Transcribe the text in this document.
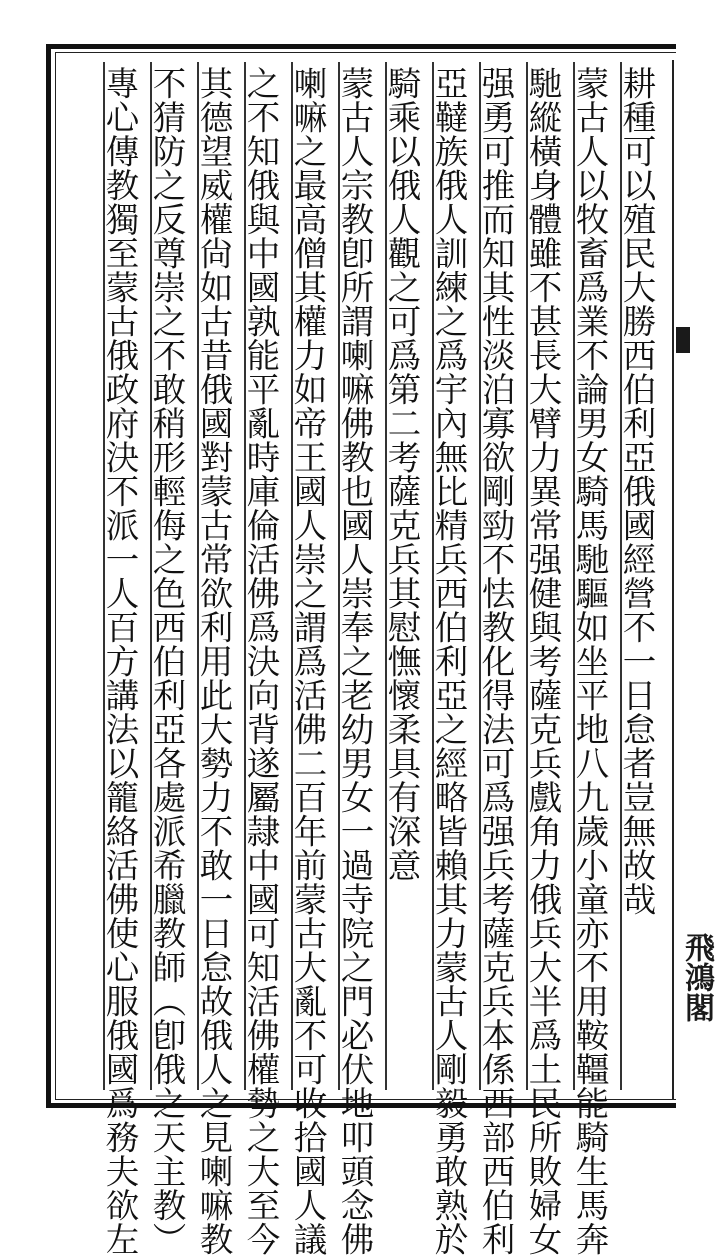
耕種可以殖民大勝西伯利亞俄國經營不一日怠者豈無故哉
蒙古人以牧畜爲業不論男女騎馬馳驅如坐平地八九歲小童亦不用鞍韁能騎生馬奔
馳縱橫身體雖不甚長大臂力異常强健與考薩克兵戲角力俄兵大半爲土民所敗婦女
强勇可推而知其性淡泊寡欲剛勁不怯教化得法可爲强兵考薩克兵本係西部西伯利
亞韃族俄人訓練之爲宇內無比精兵西伯利亞之經略皆賴其力蒙古人剛毅勇敢熟於
騎乘以俄人觀之可爲第二考薩克兵其慰憮懷柔具有深意
蒙古人宗教卽所謂喇嘛佛教也國人崇奉之老幼男女一過寺院之門必伏地叩頭念佛
喇嘛之最高僧其權力如帝王國人崇之謂爲活佛二百年前蒙古大亂不可收拾國人議
之不知俄與中國孰能平亂時庫倫活佛爲決向背遂屬隷中國可知活佛權勢之大至今
其德望威權尙如古昔俄國對蒙古常欲利用此大勢力不敢一日怠故俄人之見喇嘛教
不猜防之反尊崇之不敢稍形輕侮之色西伯利亞各處派希臘教師（卽俄之天主教）
專心傳教獨至蒙古俄政府決不派一人百方講法以籠絡活佛使心服俄國爲務夫欲左	飛鴻閣
